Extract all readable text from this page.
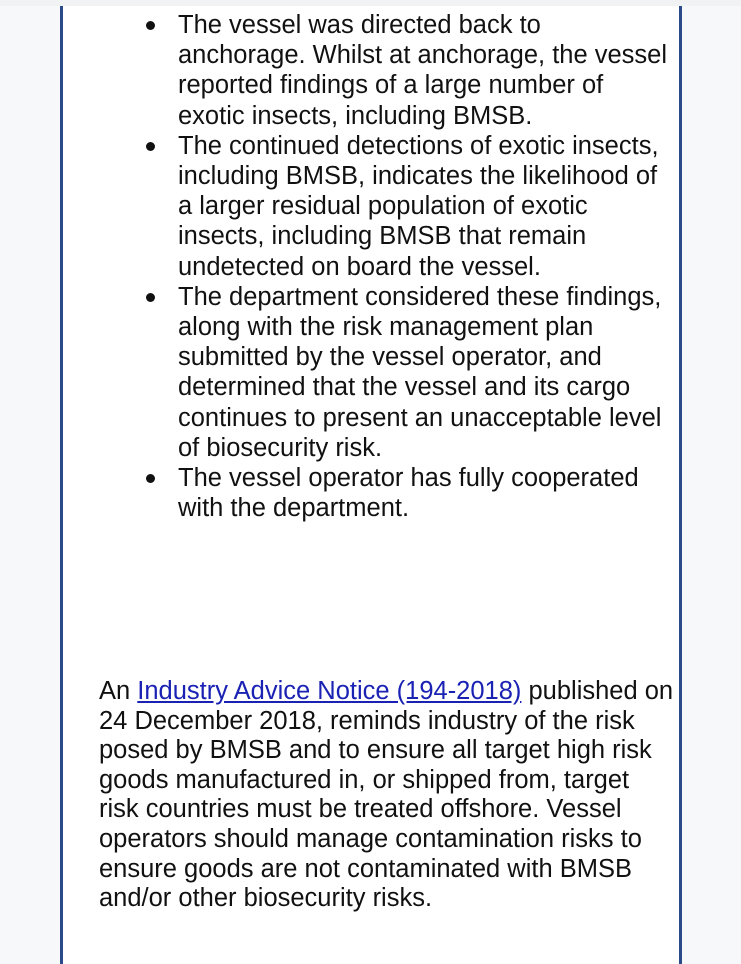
The vessel was directed back to anchorage. Whilst at anchorage, the vessel reported findings of a large number of exotic insects, including BMSB.
The continued detections of exotic insects, including BMSB, indicates the likelihood of a larger residual population of exotic insects, including BMSB that remain undetected on board the vessel.
The department considered these findings, along with the risk management plan submitted by the vessel operator, and determined that the vessel and its cargo continues to present an unacceptable level of biosecurity risk.
The vessel operator has fully cooperated with the department.

An Industry Advice Notice (194-2018) published on 24 December 2018, reminds industry of the risk posed by BMSB and to ensure all target high risk goods manufactured in, or shipped from, target risk countries must be treated offshore. Vessel operators should manage contamination risks to ensure goods are not contaminated with BMSB and/or other biosecurity risks.
